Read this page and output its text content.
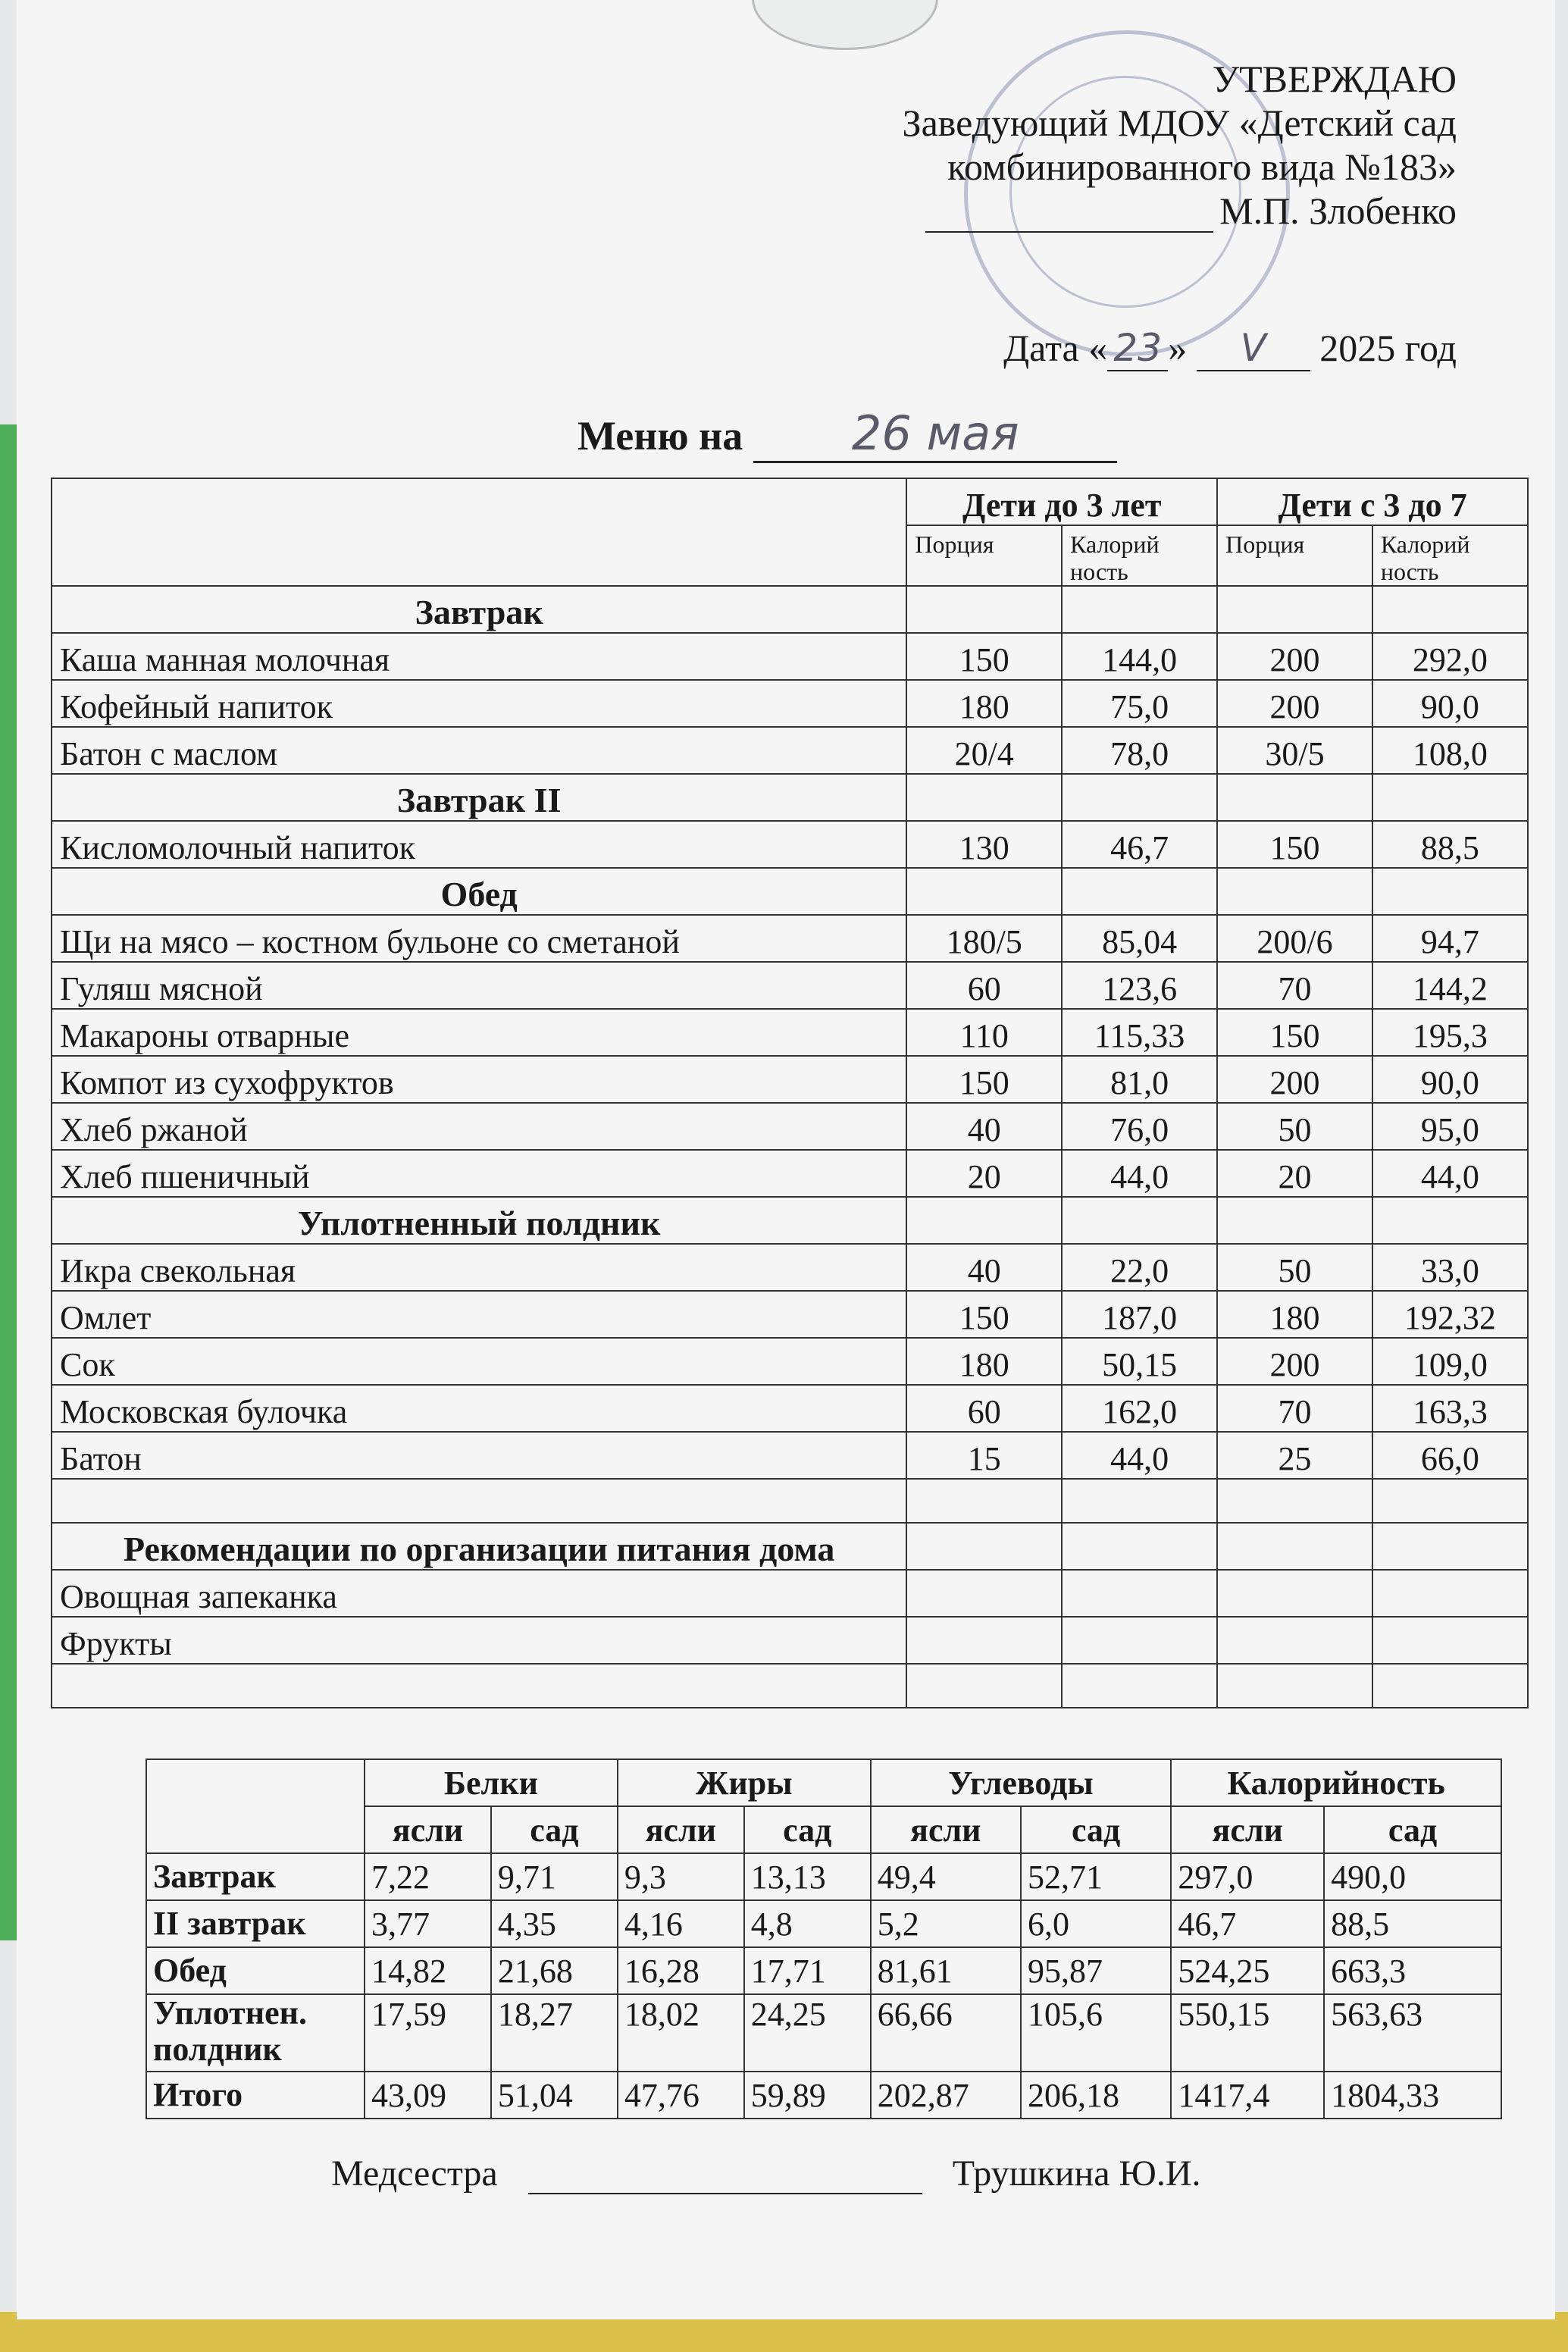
УТВЕРЖДАЮ
Заведующий МДОУ «Детский сад
комбинированного вида №183»
М.П. Злобенко
Дата « 23 » V 2025 год
Меню на 26 мая
	Дети до 3 лет		Дети с 3 до 7	
	Порция	Калорий ность	Порция	Калорий ность
Завтрак				
Каша манная молочная	150	144,0	200	292,0
Кофейный напиток	180	75,0	200	90,0
Батон с маслом	20/4	78,0	30/5	108,0
Завтрак II				
Кисломолочный напиток	130	46,7	150	88,5
Обед				
Щи на мясо – костном бульоне со сметаной	180/5	85,04	200/6	94,7
Гуляш мясной	60	123,6	70	144,2
Макароны отварные	110	115,33	150	195,3
Компот из сухофруктов	150	81,0	200	90,0
Хлеб ржаной	40	76,0	50	95,0
Хлеб пшеничный	20	44,0	20	44,0
Уплотненный полдник				
Икра свекольная	40	22,0	50	33,0
Омлет	150	187,0	180	192,32
Сок	180	50,15	200	109,0
Московская булочка	60	162,0	70	163,3
Батон	15	44,0	25	66,0

Рекомендации по организации питания дома				
Овощная запеканка				
Фрукты				

	Белки		Жиры		Углеводы		Калорийность	
	ясли	сад	ясли	сад	ясли	сад	ясли	сад
Завтрак	7,22	9,71	9,3	13,13	49,4	52,71	297,0	490,0
II завтрак	3,77	4,35	4,16	4,8	5,2	6,0	46,7	88,5
Обед	14,82	21,68	16,28	17,71	81,61	95,87	524,25	663,3
Уплотнен. полдник	17,59	18,27	18,02	24,25	66,66	105,6	550,15	563,63
Итого	43,09	51,04	47,76	59,89	202,87	206,18	1417,4	1804,33
Медсестра	Трушкина Ю.И.
